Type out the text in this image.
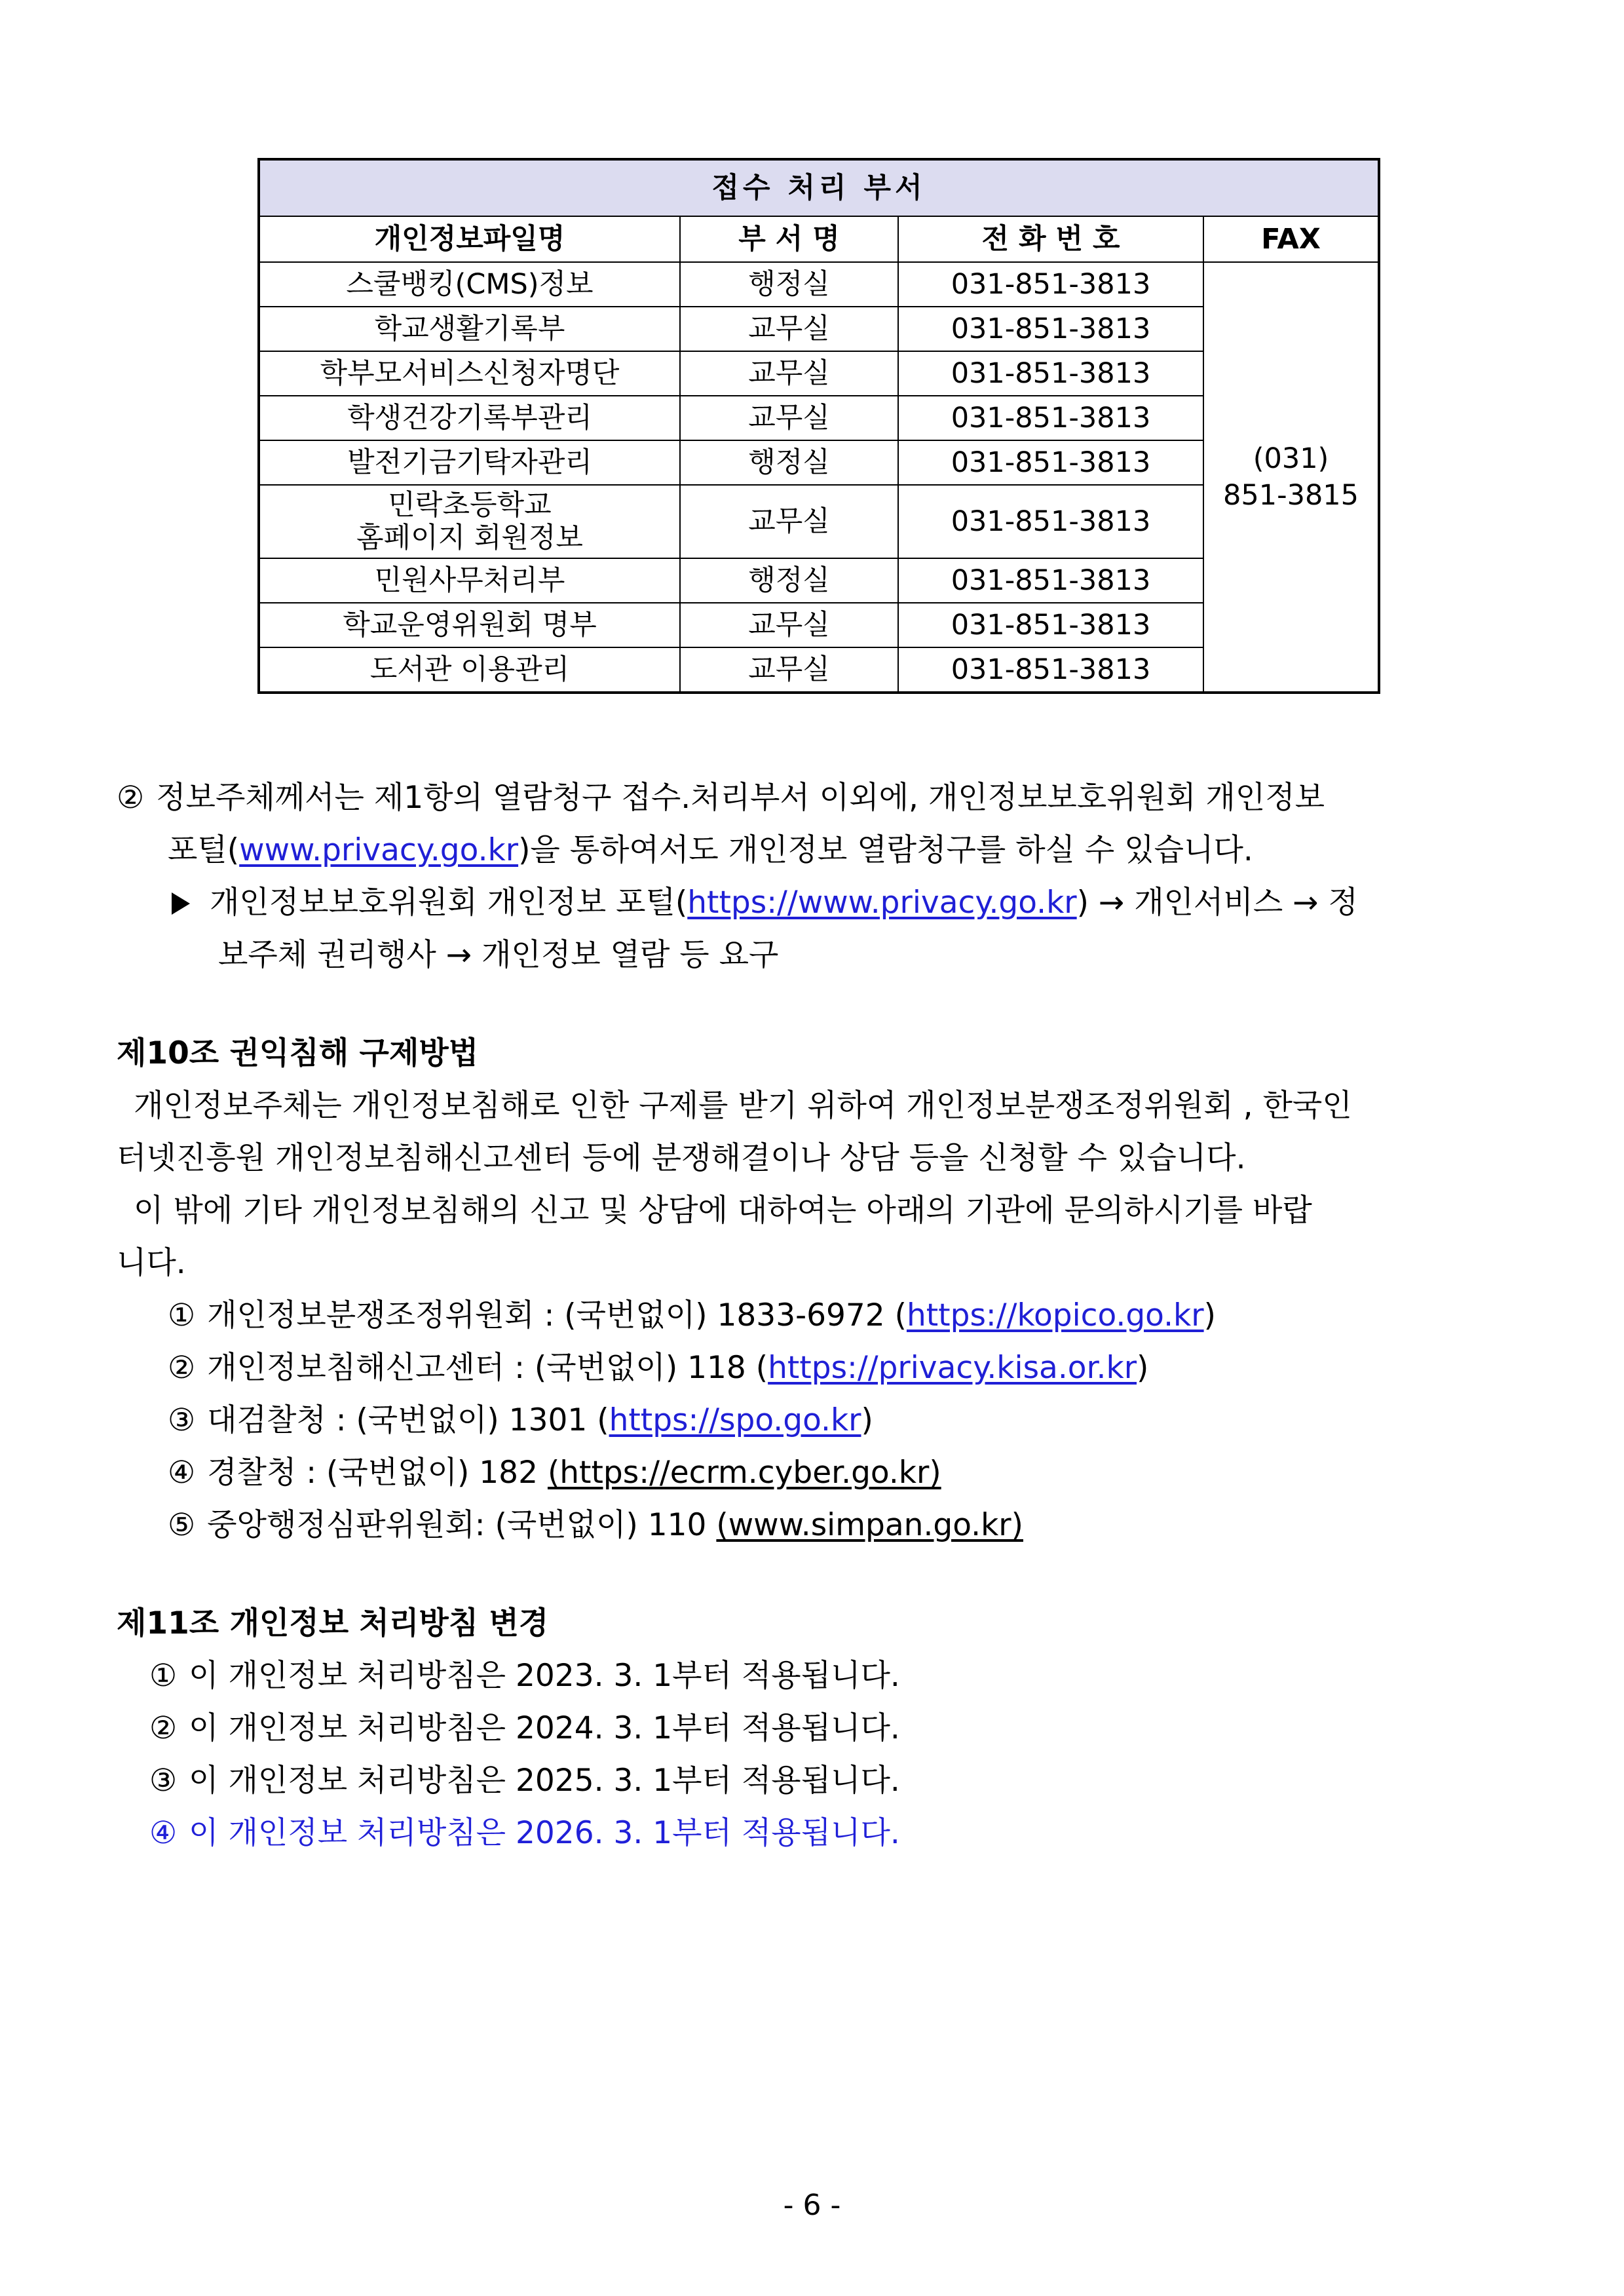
접수 처리 부서			
개인정보파일명	부 서 명	전 화 번 호	FAX
스쿨뱅킹(CMS)정보	행정실	031-851-3813	(031)
851-3815

학교생활기록부	교무실	031-851-3813	
학부모서비스신청자명단	교무실	031-851-3813	
학생건강기록부관리	교무실	031-851-3813	
발전기금기탁자관리	행정실	031-851-3813	

민락초등학교
홈페이지 회원정보	교무실	031-851-3813	
민원사무처리부	행정실	031-851-3813	
학교운영위원회 명부	교무실	031-851-3813	
도서관 이용관리	교무실	031-851-3813	
② 정보주체께서는 제1항의 열람청구 접수.처리부서 이외에, 개인정보보호위원회 개인정보
포털(www.privacy.go.kr)을 통하여서도 개인정보 열람청구를 하실 수 있습니다.
개인정보보호위원회 개인정보 포털(https://www.privacy.go.kr) → 개인서비스 → 정
보주체 권리행사 → 개인정보 열람 등 요구
제10조 권익침해 구제방법
개인정보주체는 개인정보침해로 인한 구제를 받기 위하여 개인정보분쟁조정위원회 , 한국인
터넷진흥원 개인정보침해신고센터 등에 분쟁해결이나 상담 등을 신청할 수 있습니다.
이 밖에 기타 개인정보침해의 신고 및 상담에 대하여는 아래의 기관에 문의하시기를 바랍
니다.
① 개인정보분쟁조정위원회 : (국번없이) 1833-6972 (https://kopico.go.kr)
② 개인정보침해신고센터 : (국번없이) 118 (https://privacy.kisa.or.kr)
③ 대검찰청 : (국번없이) 1301 (https://spo.go.kr)
④ 경찰청 : (국번없이) 182 (https://ecrm.cyber.go.kr)
⑤ 중앙행정심판위원회: (국번없이) 110 (www.simpan.go.kr)
제11조 개인정보 처리방침 변경
① 이 개인정보 처리방침은 2023. 3. 1부터 적용됩니다.
② 이 개인정보 처리방침은 2024. 3. 1부터 적용됩니다.
③ 이 개인정보 처리방침은 2025. 3. 1부터 적용됩니다.
④ 이 개인정보 처리방침은 2026. 3. 1부터 적용됩니다.
- 6 -
